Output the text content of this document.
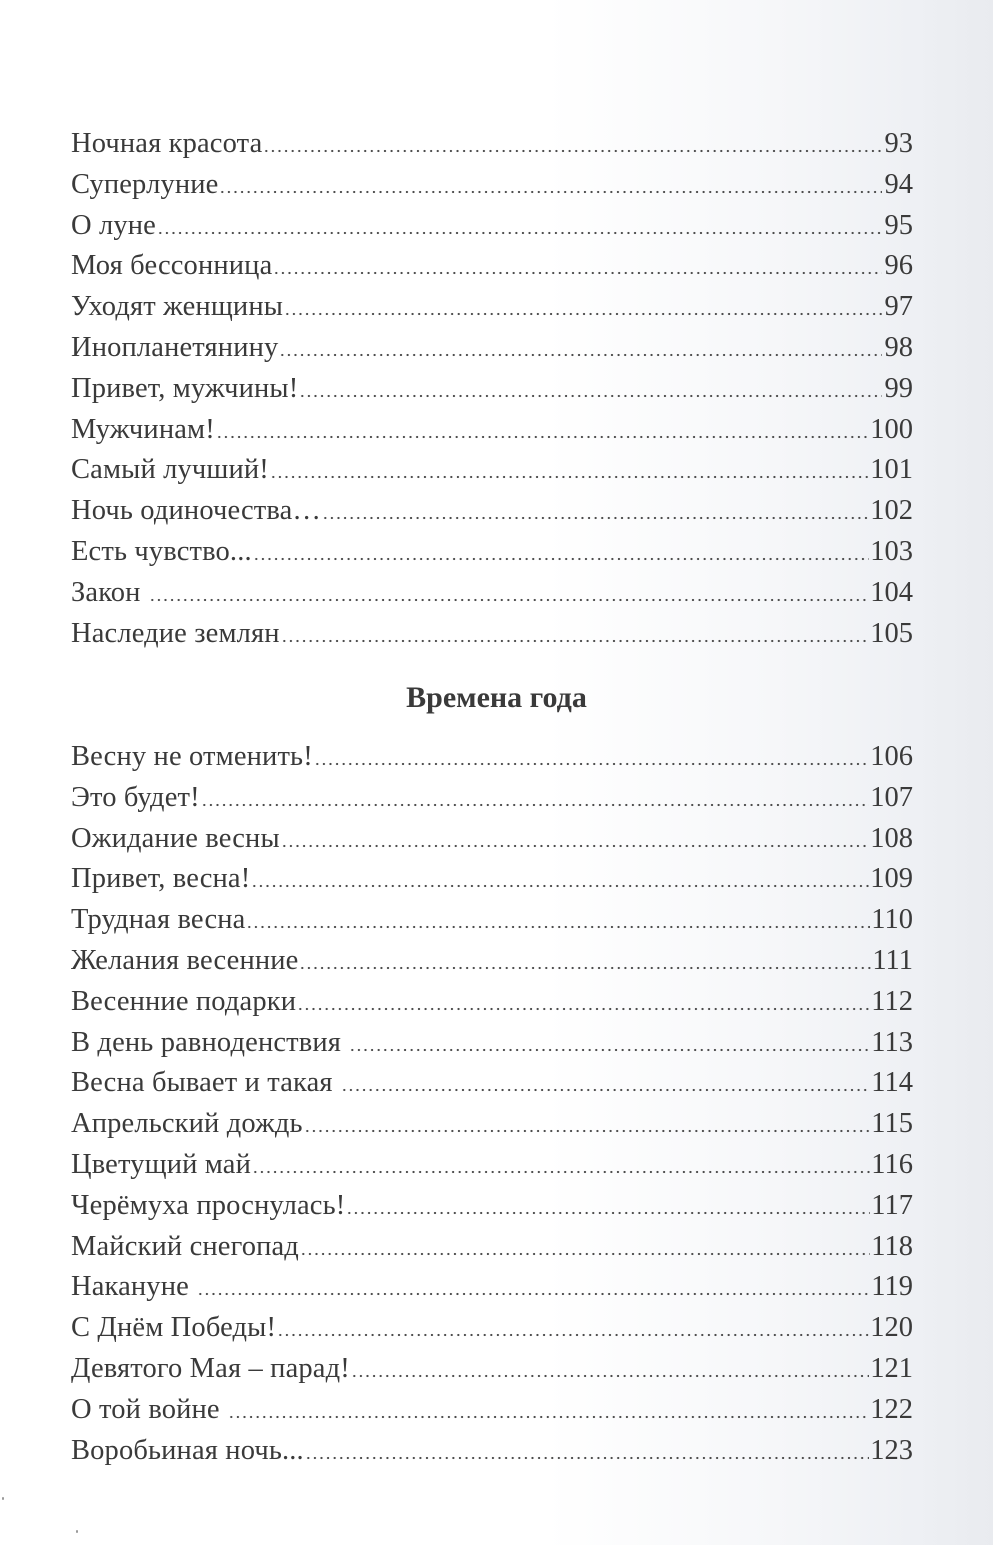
Ночная красота	93
Суперлуние	94
О луне	95
Моя бессонница	96
Уходят женщины	97
Инопланетянину	98
Привет, мужчины!	99
Мужчинам!	100
Самый лучший!	101
Ночь одиночества…	102
Есть чувство...	103
Закон	104
Наследие землян	105
Времена года
Весну не отменить!	106
Это будет!	107
Ожидание весны	108
Привет, весна!	109
Трудная весна	110
Желания весенние	111
Весенние подарки	112
В день равноденствия	113
Весна бывает и такая	114
Апрельский дождь	115
Цветущий май	116
Черёмуха проснулась!	117
Майский снегопад	118
Накануне	119
С Днём Победы!	120
Девятого Мая – парад!	121
О той войне	122
Воробьиная ночь...	123
